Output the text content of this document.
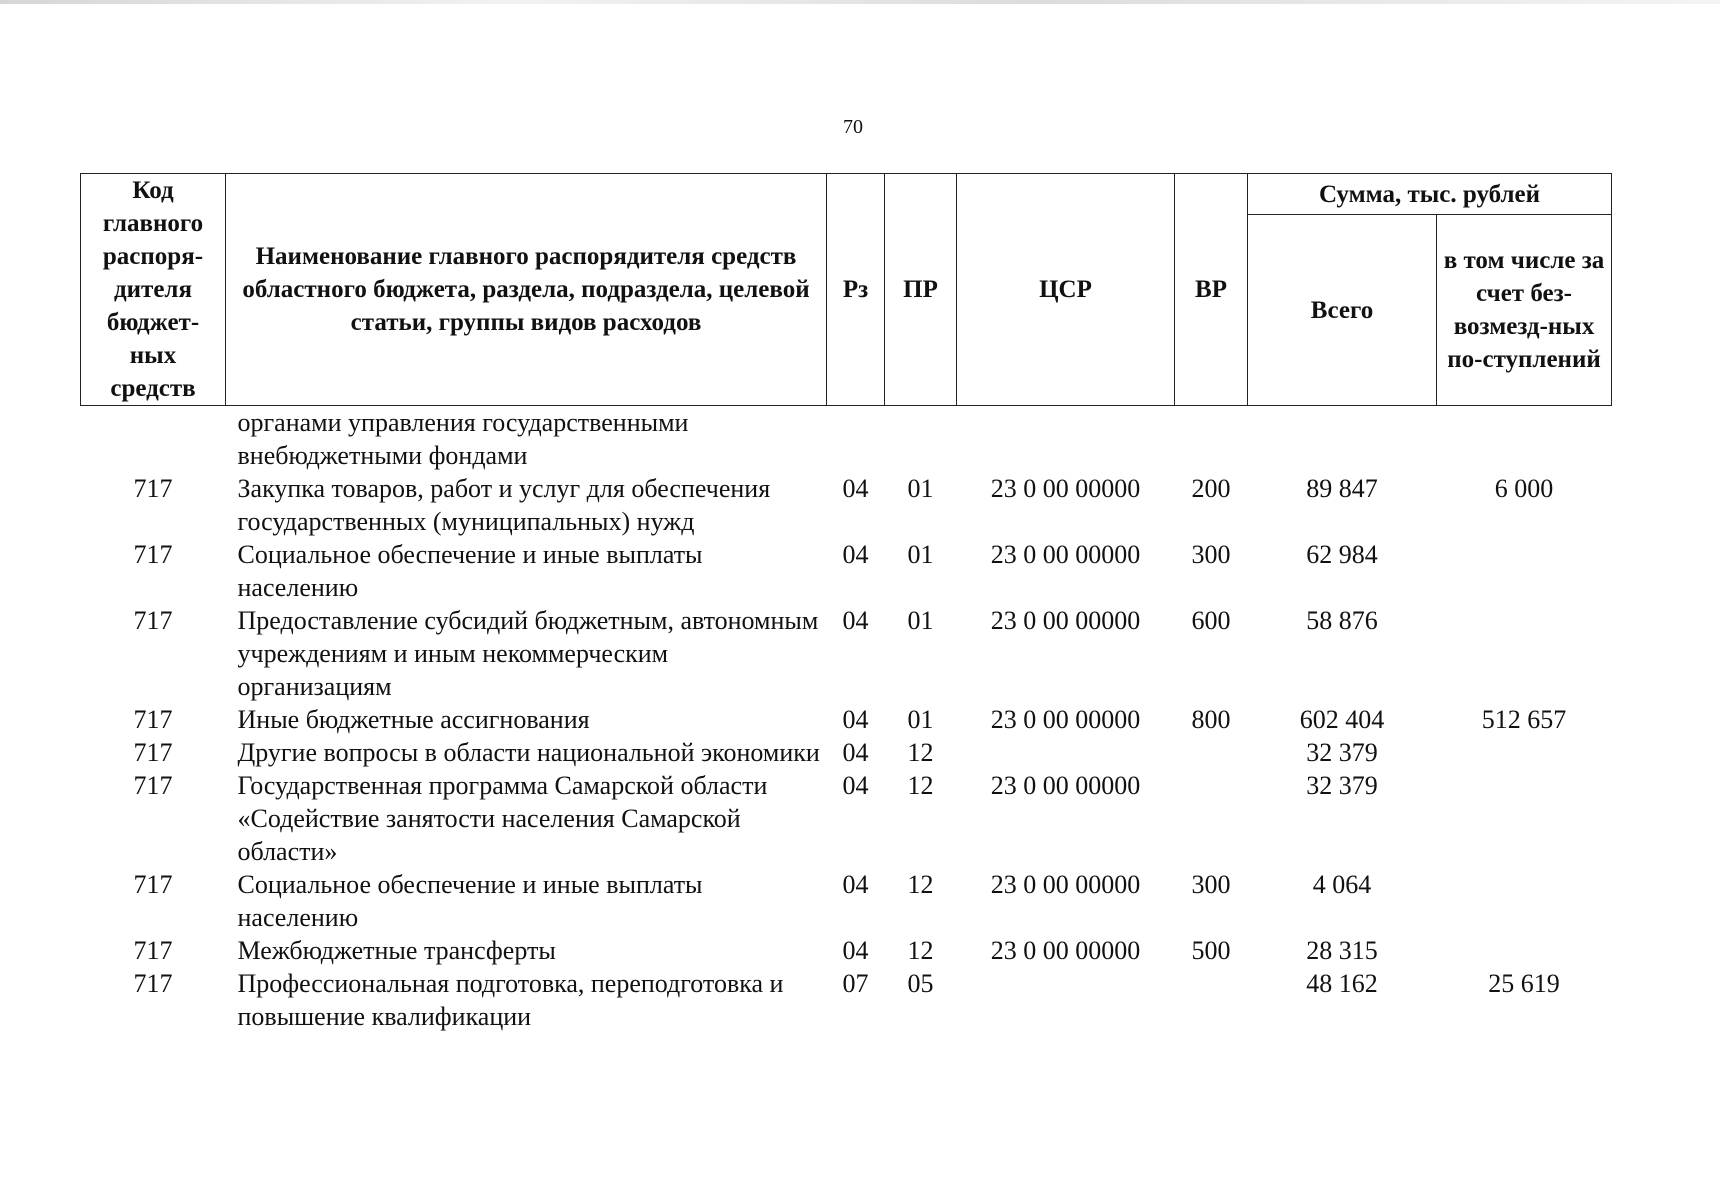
70
Код главного распоря-дителя бюджет-ных средств	Наименование главного распорядителя средств областного бюджета, раздела, подраздела, целевой статьи, группы видов расходов	Рз	ПР	ЦСР	ВР	Сумма, тыс. рублей	
						Всего	в том числе за счет без-возмезд-ных по-ступлений
	органами управления государственными внебюджетными фондами						
717	Закупка товаров, работ и услуг для обеспечения государственных (муниципальных) нужд	04	01	23 0 00 00000	200	89 847	6 000
717	Социальное обеспечение и иные выплаты населению	04	01	23 0 00 00000	300	62 984	
717	Предоставление субсидий бюджетным, автономным учреждениям и иным некоммерческим организациям	04	01	23 0 00 00000	600	58 876	
717	Иные бюджетные ассигнования	04	01	23 0 00 00000	800	602 404	512 657
717	Другие вопросы в области национальной экономики	04	12			32 379	
717	Государственная программа Самарской области «Содействие занятости населения Самарской области»	04	12	23 0 00 00000		32 379	
717	Социальное обеспечение и иные выплаты населению	04	12	23 0 00 00000	300	4 064	
717	Межбюджетные трансферты	04	12	23 0 00 00000	500	28 315	
717	Профессиональная подготовка, переподготовка и повышение квалификации	07	05			48 162	25 619
